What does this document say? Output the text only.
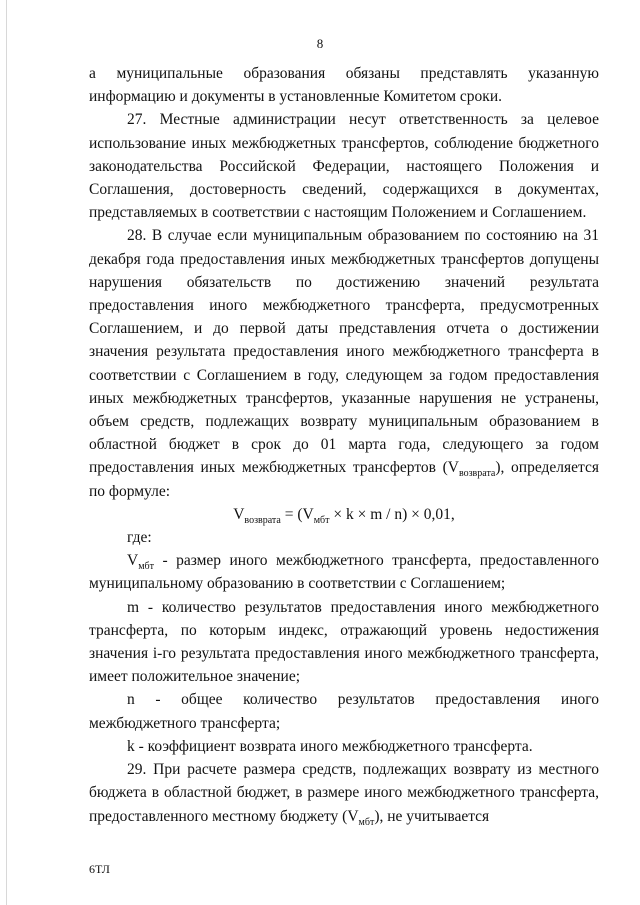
8

а муниципальные образования обязаны представлять указанную информацию и документы в установленные Комитетом сроки.

27. Местные администрации несут ответственность за целевое использование иных межбюджетных трансфертов, соблюдение бюджетного законодательства Российской Федерации, настоящего Положения и Соглашения, достоверность сведений, содержащихся в документах, представляемых в соответствии с настоящим Положением и Соглашением.

28. В случае если муниципальным образованием по состоянию на 31 декабря года предоставления иных межбюджетных трансфертов допущены нарушения обязательств по достижению значений результата предоставления иного межбюджетного трансферта, предусмотренных Соглашением, и до первой даты представления отчета о достижении значения результата предоставления иного межбюджетного трансферта в соответствии с Соглашением в году, следующем за годом предоставления иных межбюджетных трансфертов, указанные нарушения не устранены, объем средств, подлежащих возврату муниципальным образованием в областной бюджет в срок до 01 марта года, следующего за годом предоставления иных межбюджетных трансфертов $(V_{возврата})$, определяется по формуле:

$V_{возврата} = (V_{мбт} \times k \times m / n) \times 0,01$,

где:

$V_{мбт}$ - размер иного межбюджетного трансферта, предоставленного муниципальному образованию в соответствии с Соглашением;

m - количество результатов предоставления иного межбюджетного трансферта, по которым индекс, отражающий уровень недостижения значения i-го результата предоставления иного межбюджетного трансферта, имеет положительное значение;

n - общее количество результатов предоставления иного межбюджетного трансферта;

k - коэффициент возврата иного межбюджетного трансферта.

29. При расчете размера средств, подлежащих возврату из местного бюджета в областной бюджет, в размере иного межбюджетного трансферта, предоставленного местному бюджету $(V_{мбт})$, не учитывается

6ТЛ
